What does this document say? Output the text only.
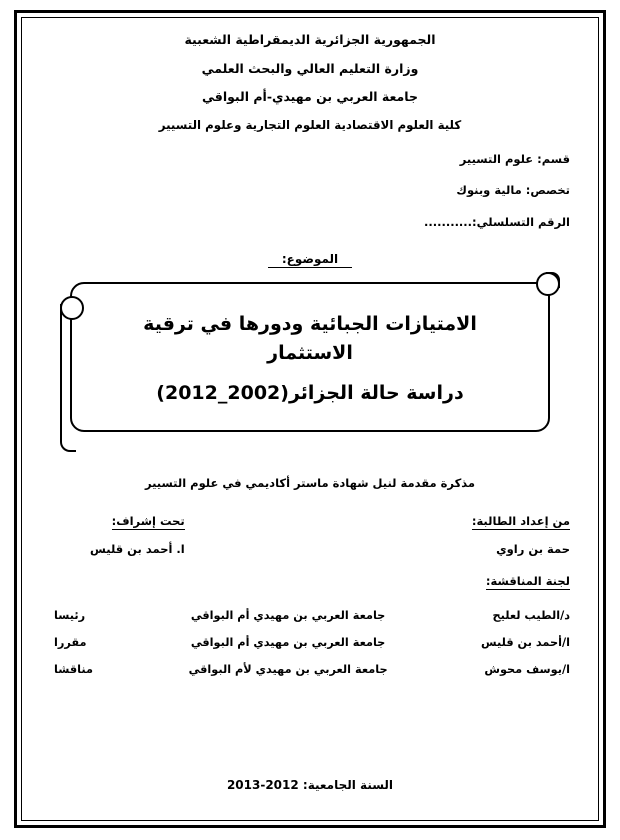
الجمهورية الجزائرية الديمقراطية الشعبية
وزارة التعليم العالي والبحث العلمي
جامعة العربي بن مهيدي-أم البواقي
كلية العلوم الاقتصادية العلوم التجارية وعلوم التسيير
قسم: علوم التسيير
تخصص: مالية وبنوك
الرقم التسلسلي:...........
الموضوع:
الامتيازات الجبائية ودورها في ترقية
الاستثمار
دراسة حالة الجزائر(2002_2012)
مذكرة مقدمة لنيل شهادة ماستر أكاديمي في علوم التسيير
من إعداد الطالبة:
حمة بن راوي
تحت إشراف:
ا. أحمد بن قليس
لجنة المناقشة:
د/الطيب لعليح	جامعة العربي بن مهيدي أم البواقي	رئيسا
ا/أحمد بن قليس	جامعة العربي بن مهيدي أم البواقي	مقررا
ا/يوسف محوش	جامعة العربي بن مهيدي لأم البواقي	مناقشا
السنة الجامعية: 2012-2013
